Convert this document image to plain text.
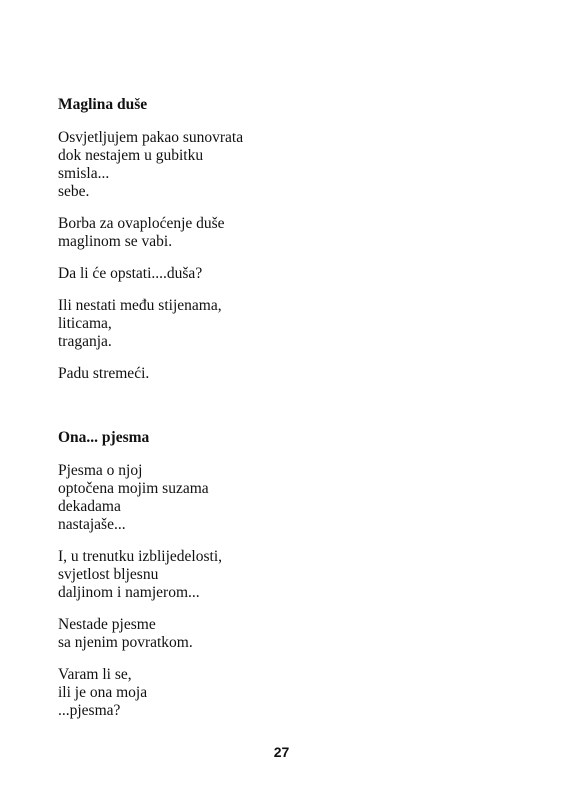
Maglina duše
Osvjetljujem pakao sunovrata
dok nestajem u gubitku
smisla...
sebe.
Borba za ovaploćenje duše
maglinom se vabi.
Da li će opstati....duša?
Ili nestati među stijenama,
liticama,
traganja.
Padu stremeći.
Ona... pjesma
Pjesma o njoj
optočena mojim suzama
dekadama
nastajaše...
I, u trenutku izblijedelosti,
svjetlost bljesnu
daljinom i namjerom...
Nestade pjesme
sa njenim povratkom.
Varam li se,
ili je ona moja
...pjesma?
27
